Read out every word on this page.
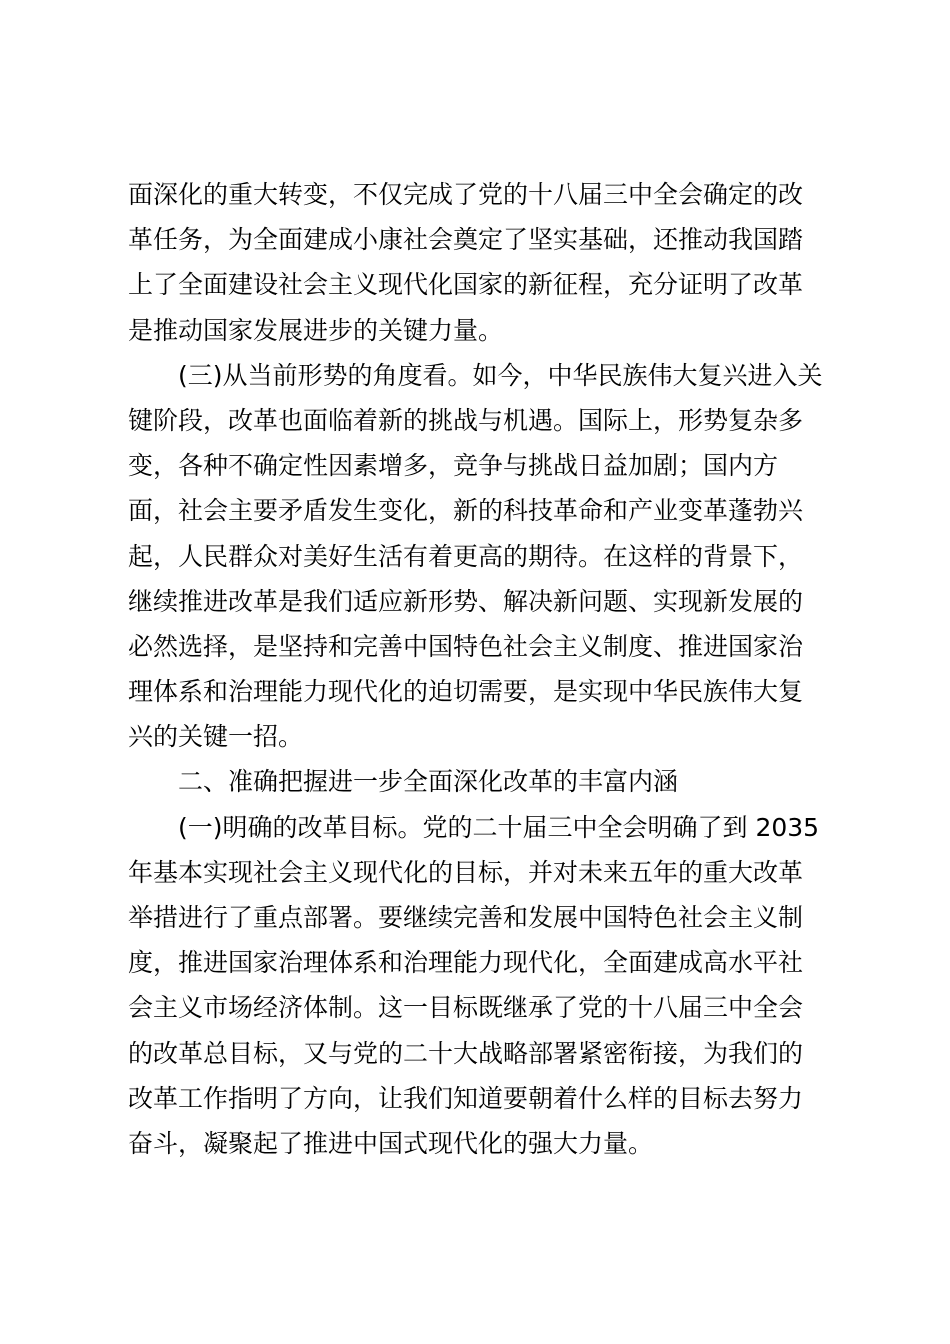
面深化的重大转变，不仅完成了党的十八届三中全会确定的改
革任务，为全面建成小康社会奠定了坚实基础，还推动我国踏
上了全面建设社会主义现代化国家的新征程，充分证明了改革
是推动国家发展进步的关键力量。
(三)从当前形势的角度看。如今，中华民族伟大复兴进入关
键阶段，改革也面临着新的挑战与机遇。国际上，形势复杂多
变，各种不确定性因素增多，竞争与挑战日益加剧；国内方
面，社会主要矛盾发生变化，新的科技革命和产业变革蓬勃兴
起，人民群众对美好生活有着更高的期待。在这样的背景下，
继续推进改革是我们适应新形势、解决新问题、实现新发展的
必然选择，是坚持和完善中国特色社会主义制度、推进国家治
理体系和治理能力现代化的迫切需要，是实现中华民族伟大复
兴的关键一招。
二、准确把握进一步全面深化改革的丰富内涵
(一)明确的改革目标。党的二十届三中全会明确了到 2035
年基本实现社会主义现代化的目标，并对未来五年的重大改革
举措进行了重点部署。要继续完善和发展中国特色社会主义制
度，推进国家治理体系和治理能力现代化，全面建成高水平社
会主义市场经济体制。这一目标既继承了党的十八届三中全会
的改革总目标，又与党的二十大战略部署紧密衔接，为我们的
改革工作指明了方向，让我们知道要朝着什么样的目标去努力
奋斗，凝聚起了推进中国式现代化的强大力量。
